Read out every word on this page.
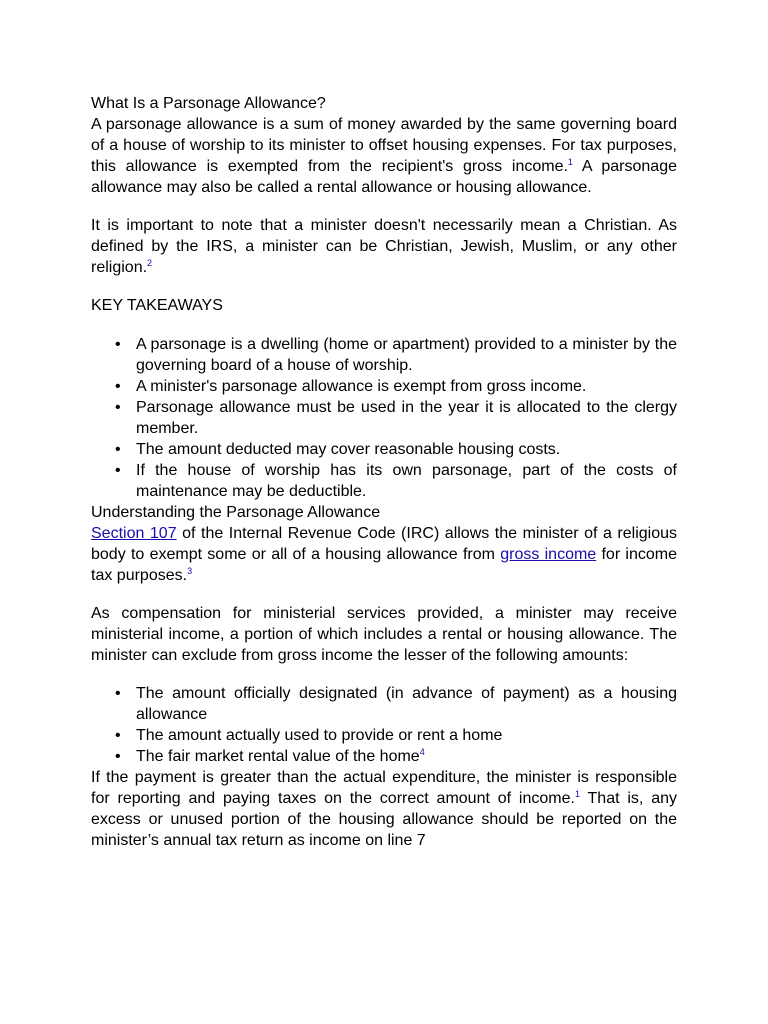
What Is a Parsonage Allowance?

A parsonage allowance is a sum of money awarded by the same governing board of a house of worship to its minister to offset housing expenses. For tax purposes, this allowance is exempted from the recipient's gross income.$^1$ A parsonage allowance may also be called a rental allowance or housing allowance.

It is important to note that a minister doesn't necessarily mean a Christian. As defined by the IRS, a minister can be Christian, Jewish, Muslim, or any other religion.$^2$

KEY TAKEAWAYS

• A parsonage is a dwelling (home or apartment) provided to a minister by the governing board of a house of worship.
• A minister's parsonage allowance is exempt from gross income.
• Parsonage allowance must be used in the year it is allocated to the clergy member.
• The amount deducted may cover reasonable housing costs.
• If the house of worship has its own parsonage, part of the costs of maintenance may be deductible.

Understanding the Parsonage Allowance

Section 107 of the Internal Revenue Code (IRC) allows the minister of a religious body to exempt some or all of a housing allowance from gross income for income tax purposes.$^3$

As compensation for ministerial services provided, a minister may receive ministerial income, a portion of which includes a rental or housing allowance. The minister can exclude from gross income the lesser of the following amounts:

• The amount officially designated (in advance of payment) as a housing allowance
• The amount actually used to provide or rent a home
• The fair market rental value of the home$^4$

If the payment is greater than the actual expenditure, the minister is responsible for reporting and paying taxes on the correct amount of income.$^1$ That is, any excess or unused portion of the housing allowance should be reported on the minister’s annual tax return as income on line 7
